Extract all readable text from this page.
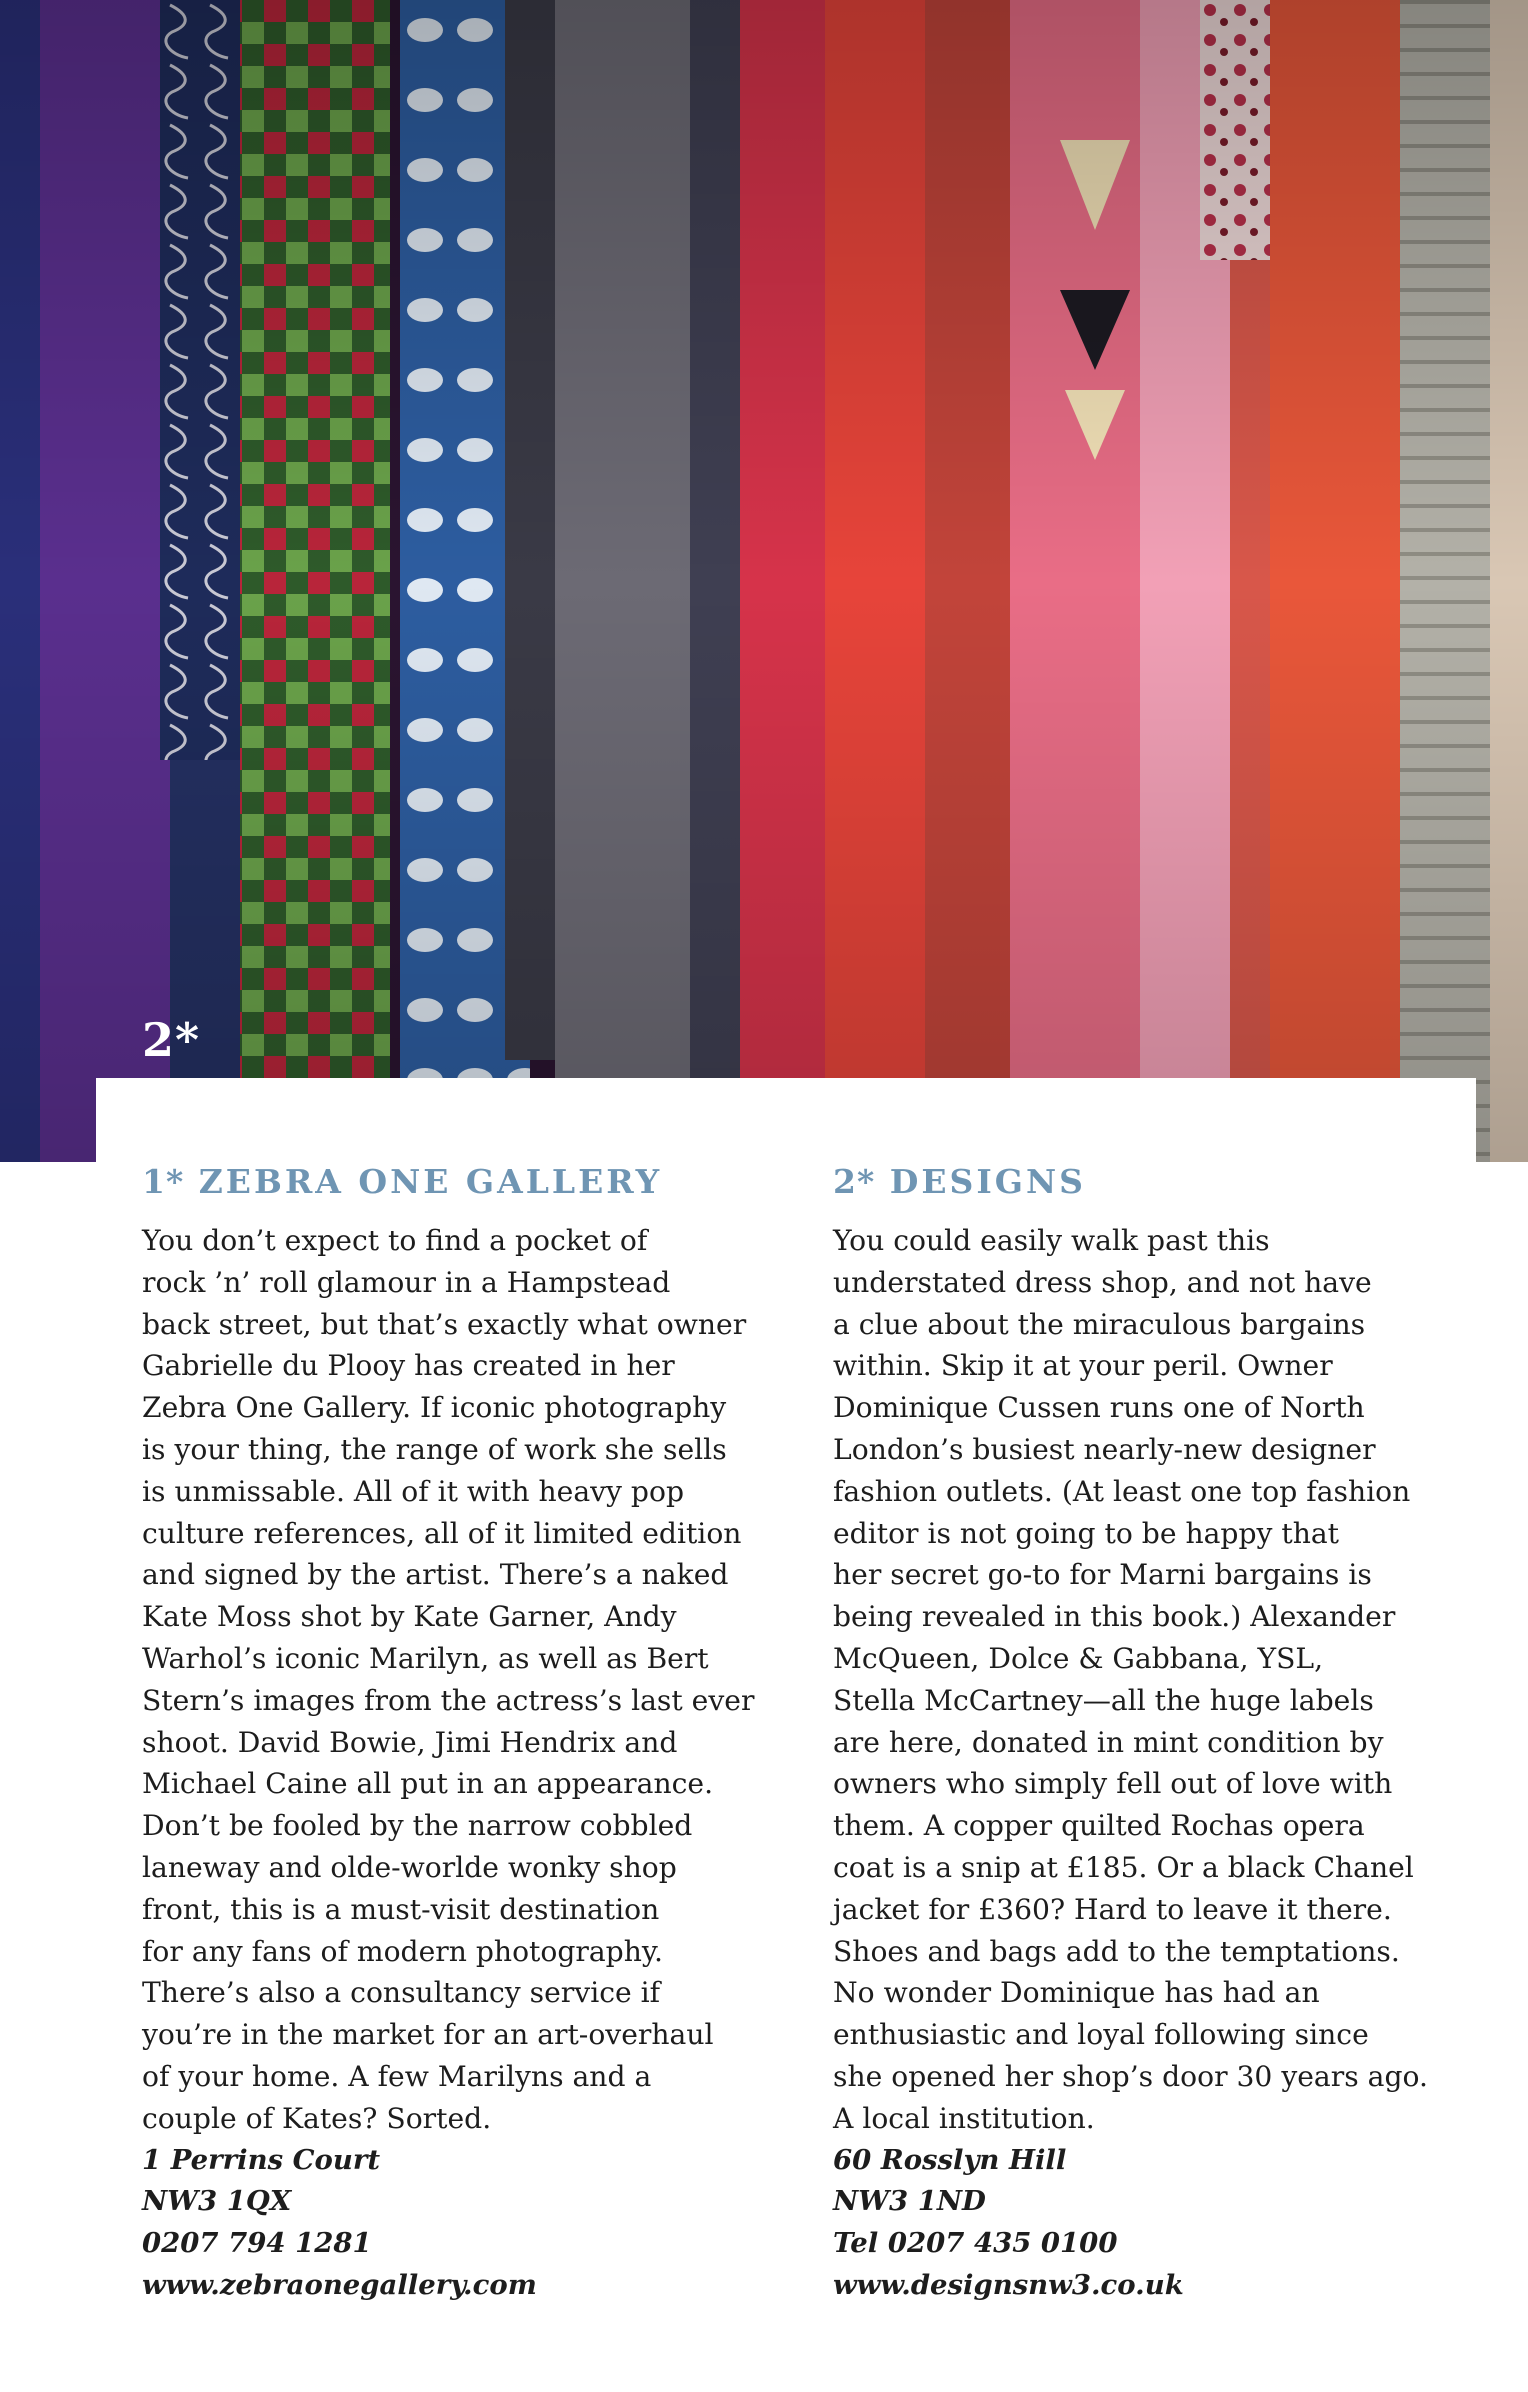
2*
1* ZEBRA ONE GALLERY

You don’t expect to find a pocket of
rock ’n’ roll glamour in a Hampstead
back street, but that’s exactly what owner
Gabrielle du Plooy has created in her
Zebra One Gallery. If iconic photography
is your thing, the range of work she sells
is unmissable. All of it with heavy pop
culture references, all of it limited edition
and signed by the artist. There’s a naked
Kate Moss shot by Kate Garner, Andy
Warhol’s iconic Marilyn, as well as Bert
Stern’s images from the actress’s last ever
shoot. David Bowie, Jimi Hendrix and
Michael Caine all put in an appearance.
Don’t be fooled by the narrow cobbled
laneway and olde-worlde wonky shop
front, this is a must-visit destination
for any fans of modern photography.
There’s also a consultancy service if
you’re in the market for an art-overhaul
of your home. A few Marilyns and a
couple of Kates? Sorted.

1 Perrins Court
NW3 1QX
0207 794 1281
www.zebraonegallery.com

2* DESIGNS

You could easily walk past this
understated dress shop, and not have
a clue about the miraculous bargains
within. Skip it at your peril. Owner
Dominique Cussen runs one of North
London’s busiest nearly-new designer
fashion outlets. (At least one top fashion
editor is not going to be happy that
her secret go-to for Marni bargains is
being revealed in this book.) Alexander
McQueen, Dolce & Gabbana, YSL,
Stella McCartney—all the huge labels
are here, donated in mint condition by
owners who simply fell out of love with
them. A copper quilted Rochas opera
coat is a snip at £185. Or a black Chanel
jacket for £360? Hard to leave it there.
Shoes and bags add to the temptations.
No wonder Dominique has had an
enthusiastic and loyal following since
she opened her shop’s door 30 years ago.
A local institution.

60 Rosslyn Hill
NW3 1ND
Tel 0207 435 0100
www.designsnw3.co.uk
